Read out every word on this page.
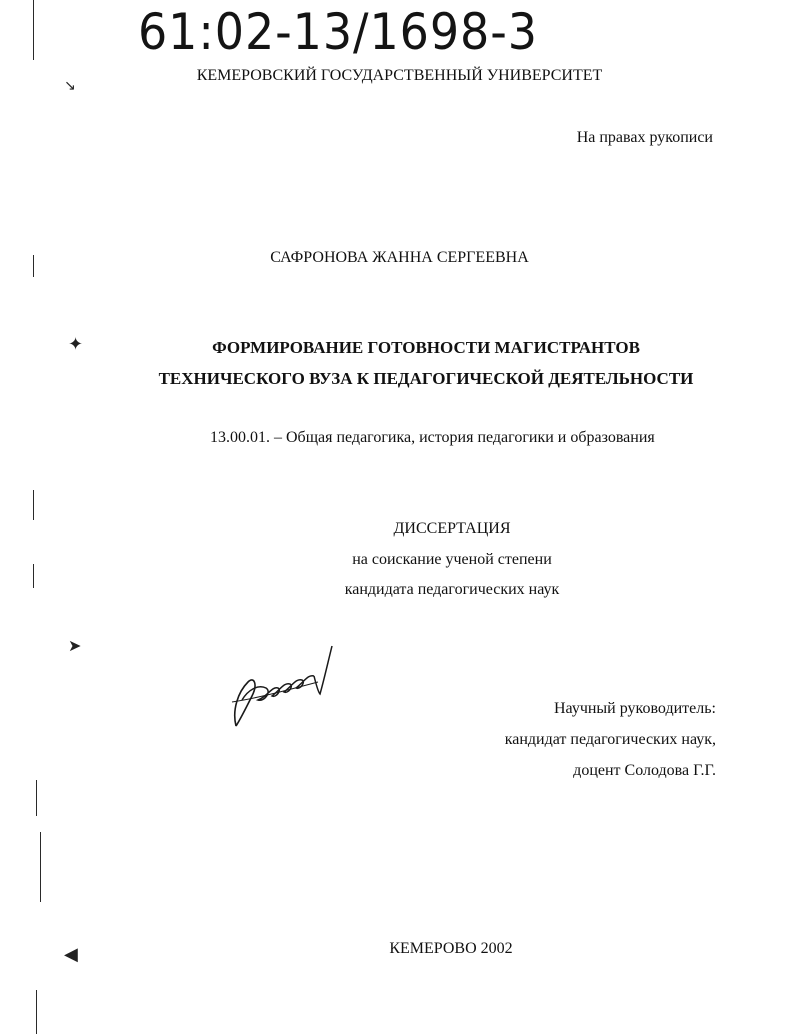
61:02-13/1698-3
КЕМЕРОВСКИЙ ГОСУДАРСТВЕННЫЙ УНИВЕРСИТЕТ
На правах рукописи
САФРОНОВА ЖАННА СЕРГЕЕВНА
ФОРМИРОВАНИЕ ГОТОВНОСТИ МАГИСТРАНТОВ
ТЕХНИЧЕСКОГО ВУЗА К ПЕДАГОГИЧЕСКОЙ ДЕЯТЕЛЬНОСТИ
13.00.01. – Общая педагогика, история педагогики и образования
ДИССЕРТАЦИЯ
на соискание ученой степени
кандидата педагогических наук
Научный руководитель:
кандидат педагогических наук,
доцент Солодова Г.Г.
КЕМЕРОВО 2002
↘
✦
➤
◀
